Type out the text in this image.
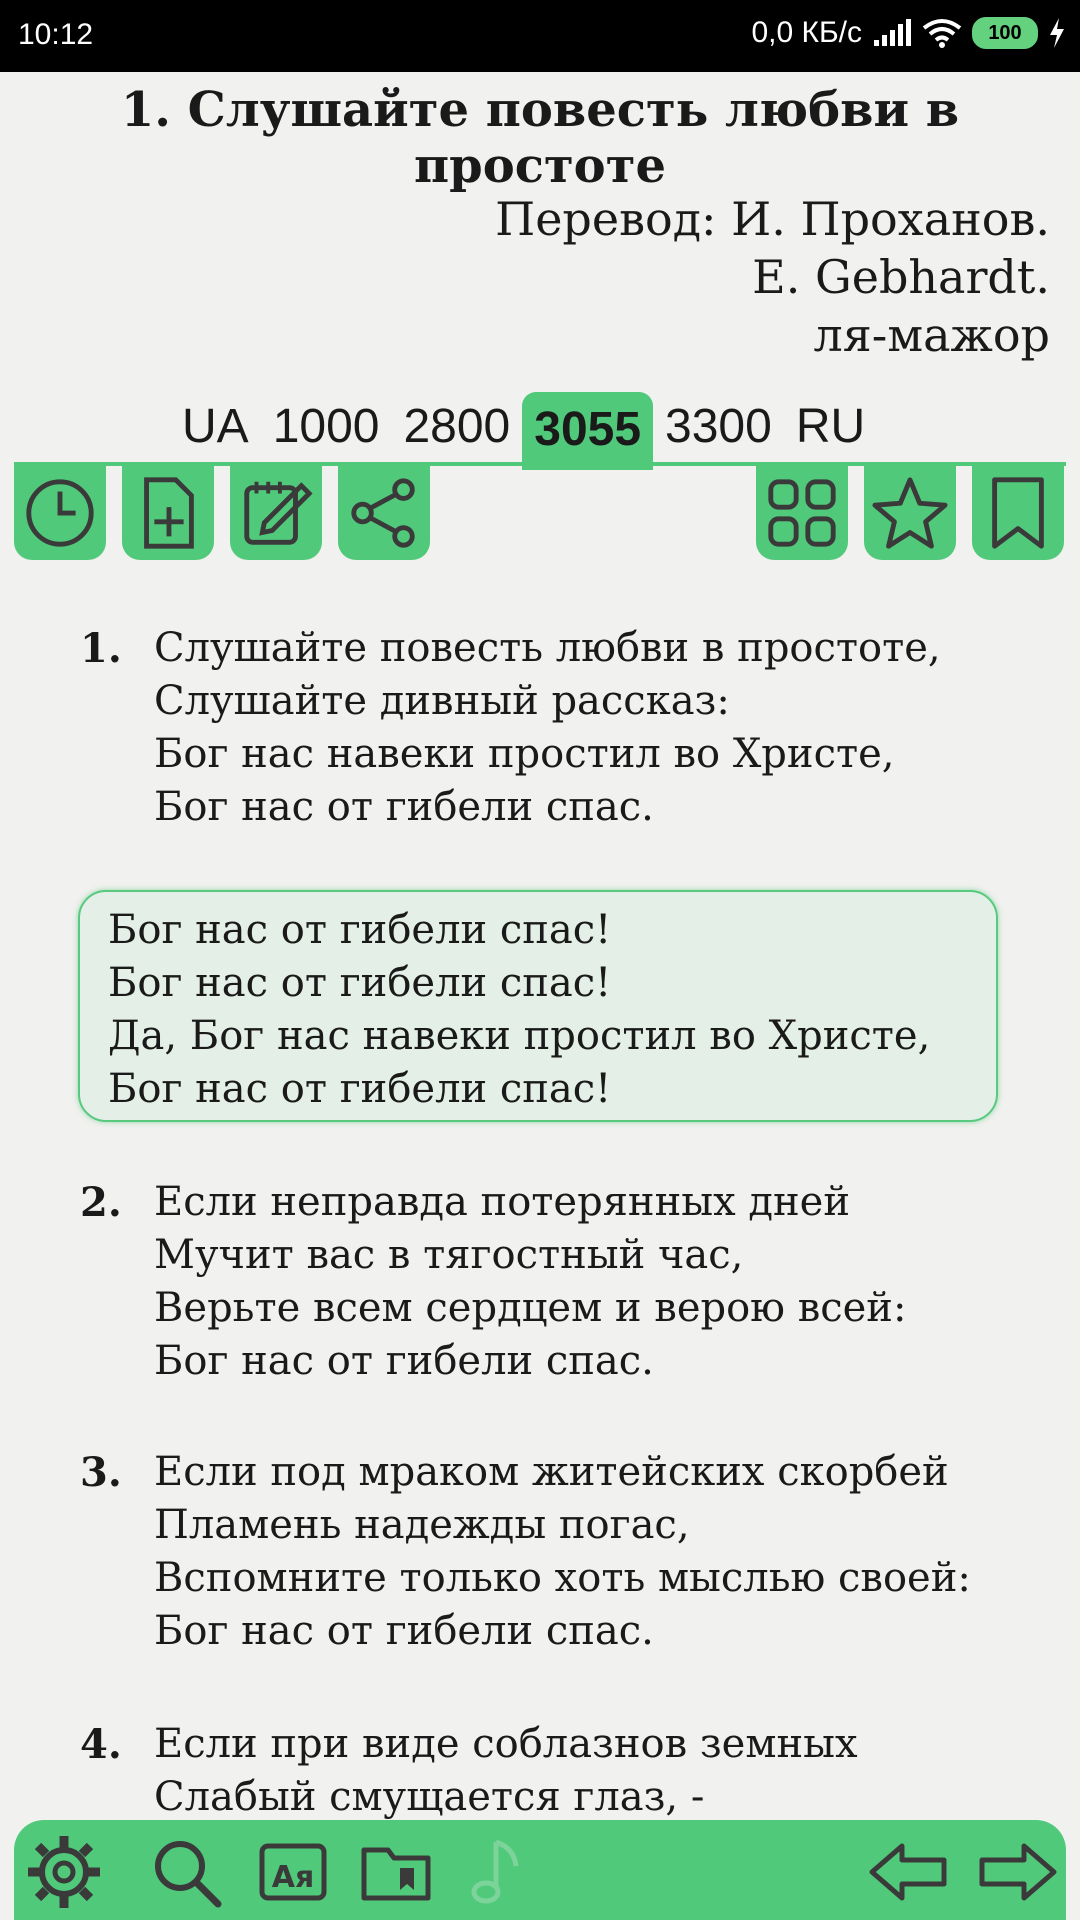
10:12	0,0 КБ/с	100
1. Слушайте повесть любви в простоте
Перевод: И. Проханов.
E. Gebhardt.
ля-мажор
UA 1000 2800 3055 3300 RU
1. Слушайте повесть любви в простоте,
Слушайте дивный рассказ:
Бог нас навеки простил во Христе,
Бог нас от гибели спас.
Бог нас от гибели спас!
Бог нас от гибели спас!
Да, Бог нас навеки простил во Христе,
Бог нас от гибели спас!
2. Если неправда потерянных дней
Мучит вас в тягостный час,
Верьте всем сердцем и верою всей:
Бог нас от гибели спас.
3. Если под мраком житейских скорбей
Пламень надежды погас,
Вспомните только хоть мыслью своей:
Бог нас от гибели спас.
4. Если при виде соблазнов земных
Слабый смущается глаз, -
Ая
